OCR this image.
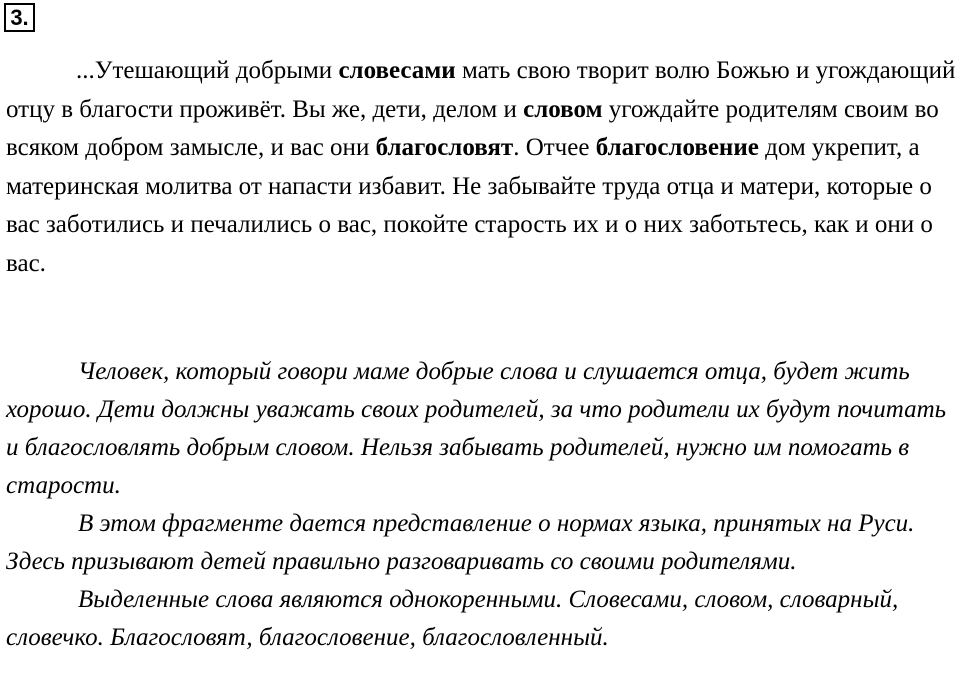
3.
...Утешающий добрыми словесами мать свою творит волю Божью и угождающий отцу в благости проживёт. Вы же, дети, делом и словом угождайте родителям своим во всяком добром замысле, и вас они благословят. Отчее благословение дом укрепит, а материнская молитва от напасти избавит. Не забывайте труда отца и матери, которые о вас заботились и печалились о вас, покойте старость их и о них заботьтесь, как и они о вас.

Человек, который говори маме добрые слова и слушается отца, будет жить хорошо. Дети должны уважать своих родителей, за что родители их будут почитать и благословлять добрым словом. Нельзя забывать родителей, нужно им помогать в старости.

В этом фрагменте дается представление о нормах языка, принятых на Руси. Здесь призывают детей правильно разговаривать со своими родителями.

Выделенные слова являются однокоренными. Словесами, словом, словарный, словечко. Благословят, благословение, благословленный.
